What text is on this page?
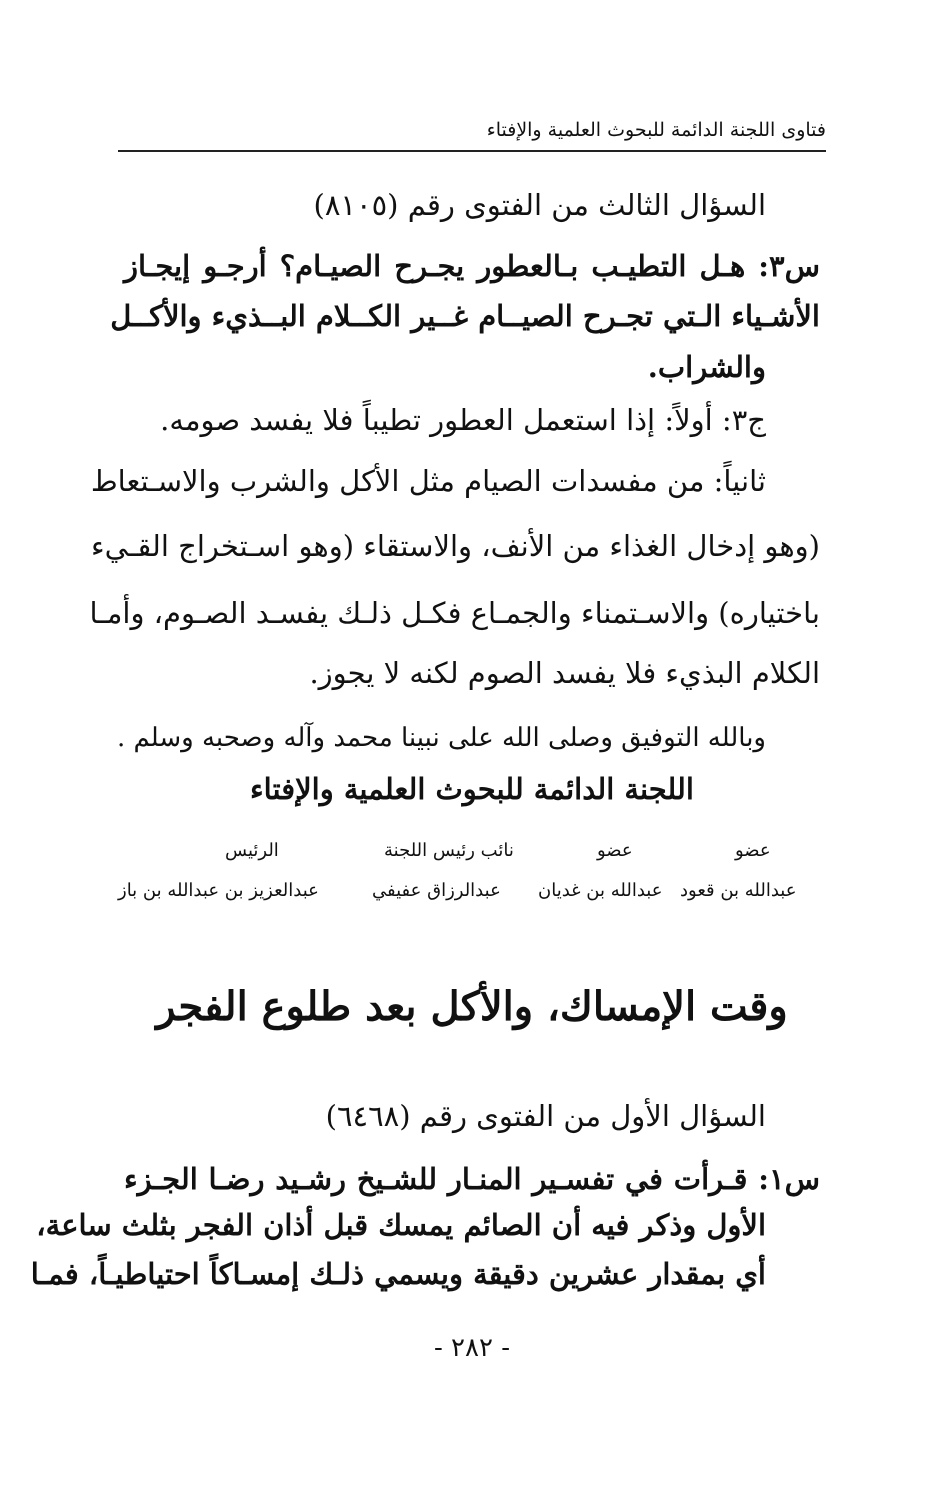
فتاوى اللجنة الدائمة للبحوث العلمية والإفتاء
السؤال الثالث من الفتوى رقم (٨١٠٥)
س٣: هـل التطيـب بـالعطور يجـرح الصيـام؟ أرجـو إيجـاز
الأشـياء الـتي تجـرح الصيــام غــير الكــلام البــذيء والأكــل
والشراب.
ج٣: أولاً: إذا استعمل العطور تطيباً فلا يفسد صومه.
ثانياً: من مفسدات الصيام مثل الأكل والشرب والاسـتعاط
(وهو إدخال الغذاء من الأنف، والاستقاء (وهو اسـتخراج القـيء
باختياره) والاسـتمناء والجمـاع فكـل ذلـك يفسـد الصـوم، وأمـا
الكلام البذيء فلا يفسد الصوم لكنه لا يجوز.
وبالله التوفيق وصلى الله على نبينا محمد وآله وصحبه وسلم .
اللجنة الدائمة للبحوث العلمية والإفتاء
عضو
عضو
نائب رئيس اللجنة
الرئيس
عبدالله بن قعود
عبدالله بن غديان
عبدالرزاق عفيفي
عبدالعزيز بن عبدالله بن باز
وقت الإمساك، والأكل بعد طلوع الفجر
السؤال الأول من الفتوى رقم (٦٤٦٨)
س١: قـرأت في تفسـير المنـار للشـيخ رشـيد رضـا الجـزء
الأول وذكر فيه أن الصائم يمسك قبل أذان الفجر بثلث ساعة،
أي بمقدار عشرين دقيقة ويسمي ذلـك إمسـاكاً احتياطيـاً، فمـا
- ٢٨٢ -
